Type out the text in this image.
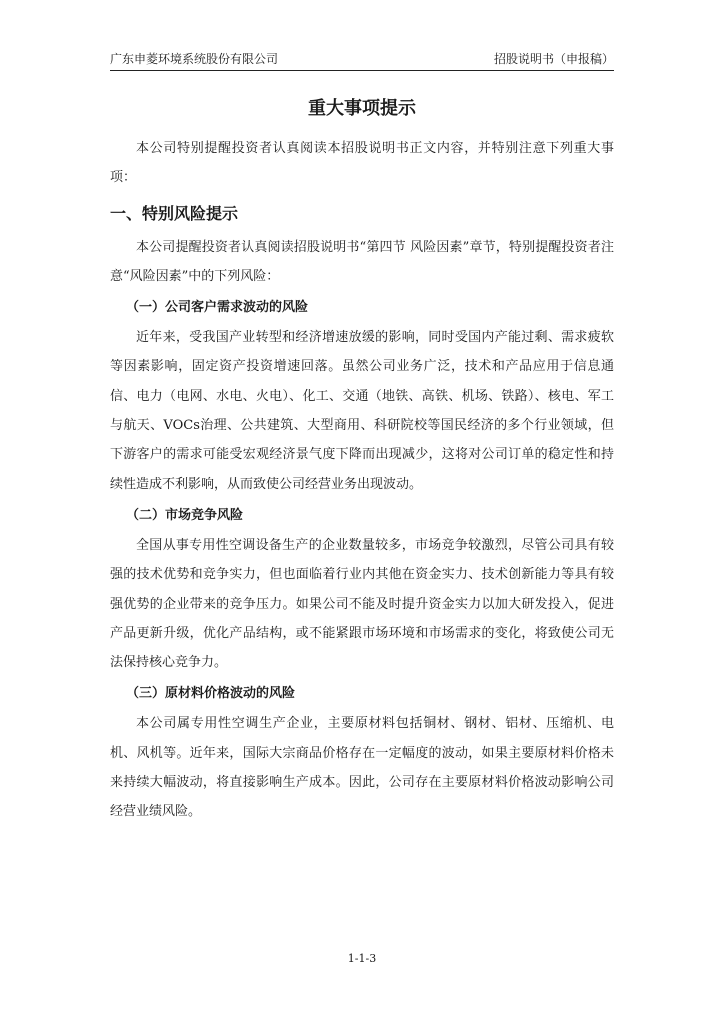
广东申菱环境系统股份有限公司	招股说明书（申报稿）
重大事项提示

本公司特别提醒投资者认真阅读本招股说明书正文内容，并特别注意下列重大事项：

一、特别风险提示

本公司提醒投资者认真阅读招股说明书“第四节 风险因素”章节，特别提醒投资者注意“风险因素”中的下列风险：

（一）公司客户需求波动的风险

近年来，受我国产业转型和经济增速放缓的影响，同时受国内产能过剩、需求疲软等因素影响，固定资产投资增速回落。虽然公司业务广泛，技术和产品应用于信息通信、电力（电网、水电、火电）、化工、交通（地铁、高铁、机场、铁路）、核电、军工与航天、VOCs治理、公共建筑、大型商用、科研院校等国民经济的多个行业领域，但下游客户的需求可能受宏观经济景气度下降而出现减少，这将对公司订单的稳定性和持续性造成不利影响，从而致使公司经营业务出现波动。

（二）市场竞争风险

全国从事专用性空调设备生产的企业数量较多，市场竞争较激烈，尽管公司具有较强的技术优势和竞争实力，但也面临着行业内其他在资金实力、技术创新能力等具有较强优势的企业带来的竞争压力。如果公司不能及时提升资金实力以加大研发投入，促进产品更新升级，优化产品结构，或不能紧跟市场环境和市场需求的变化，将致使公司无法保持核心竞争力。

（三）原材料价格波动的风险

本公司属专用性空调生产企业，主要原材料包括铜材、钢材、铝材、压缩机、电机、风机等。近年来，国际大宗商品价格存在一定幅度的波动，如果主要原材料价格未来持续大幅波动，将直接影响生产成本。因此，公司存在主要原材料价格波动影响公司经营业绩风险。

1-1-3
